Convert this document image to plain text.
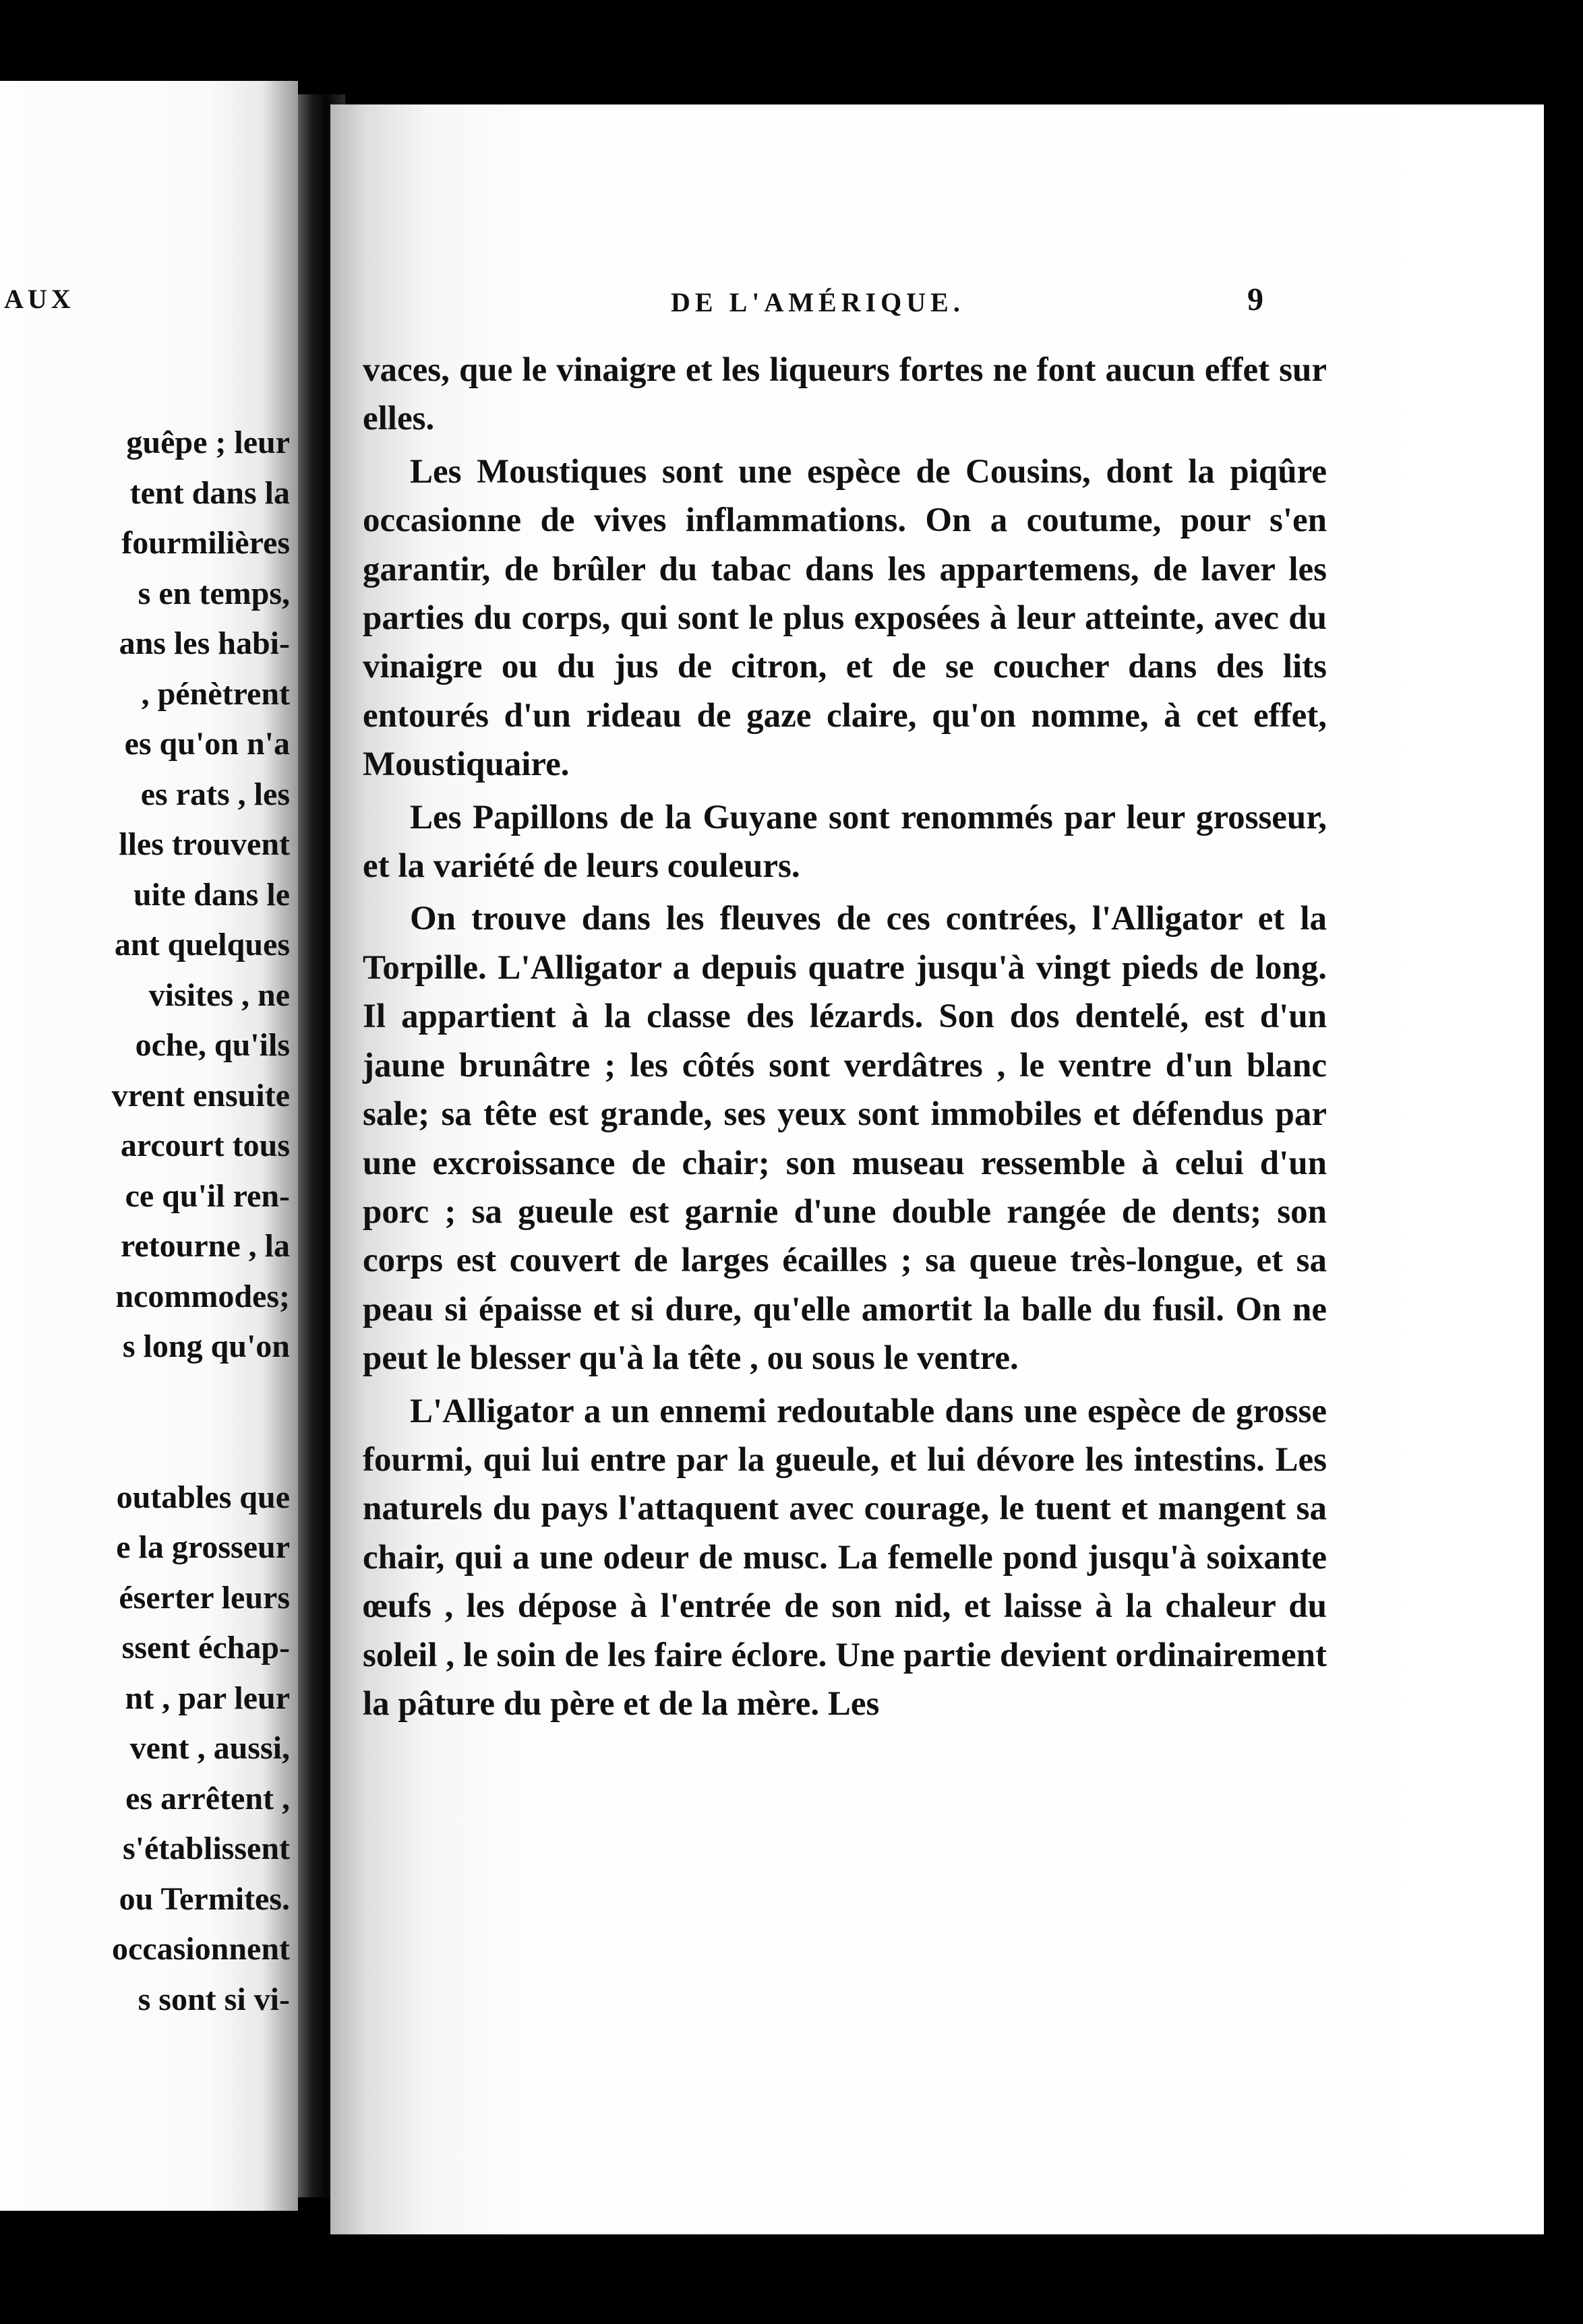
AUX
guêpe ; leur
tent dans la
fourmilières
s en temps,
ans les habi-
, pénètrent
es qu'on n'a
es rats , les
lles trouvent
uite dans le
ant quelques
visites , ne
oche, qu'ils
vrent ensuite
arcourt tous
ce qu'il ren-
retourne , la
ncommodes;
s long qu'on

outables que
e la grosseur
éserter leurs
ssent échap-
nt , par leur
vent , aussi,
es arrêtent ,
s'établissent
ou Termites.
occasionnent
s sont si vi-
DE L'AMÉRIQUE.	9

vaces, que le vinaigre et les liqueurs fortes ne font aucun effet sur elles.

Les Moustiques sont une espèce de Cousins, dont la piqûre occasionne de vives inflammations. On a coutume, pour s'en garantir, de brûler du tabac dans les appartemens, de laver les parties du corps, qui sont le plus exposées à leur atteinte, avec du vinaigre ou du jus de citron, et de se coucher dans des lits entourés d'un rideau de gaze claire, qu'on nomme, à cet effet, Moustiquaire.

Les Papillons de la Guyane sont renommés par leur grosseur, et la variété de leurs couleurs.

On trouve dans les fleuves de ces contrées, l'Alligator et la Torpille. L'Alligator a depuis quatre jusqu'à vingt pieds de long. Il appartient à la classe des lézards. Son dos dentelé, est d'un jaune brunâtre ; les côtés sont verdâtres , le ventre d'un blanc sale; sa tête est grande, ses yeux sont immobiles et défendus par une excroissance de chair; son museau ressemble à celui d'un porc ; sa gueule est garnie d'une double rangée de dents; son corps est couvert de larges écailles ; sa queue très-longue, et sa peau si épaisse et si dure, qu'elle amortit la balle du fusil. On ne peut le blesser qu'à la tête , ou sous le ventre.

L'Alligator a un ennemi redoutable dans une espèce de grosse fourmi, qui lui entre par la gueule, et lui dévore les intestins. Les naturels du pays l'attaquent avec courage, le tuent et mangent sa chair, qui a une odeur de musc. La femelle pond jusqu'à soixante œufs , les dépose à l'entrée de son nid, et laisse à la chaleur du soleil , le soin de les faire éclore. Une partie devient ordinairement la pâture du père et de la mère. Les
